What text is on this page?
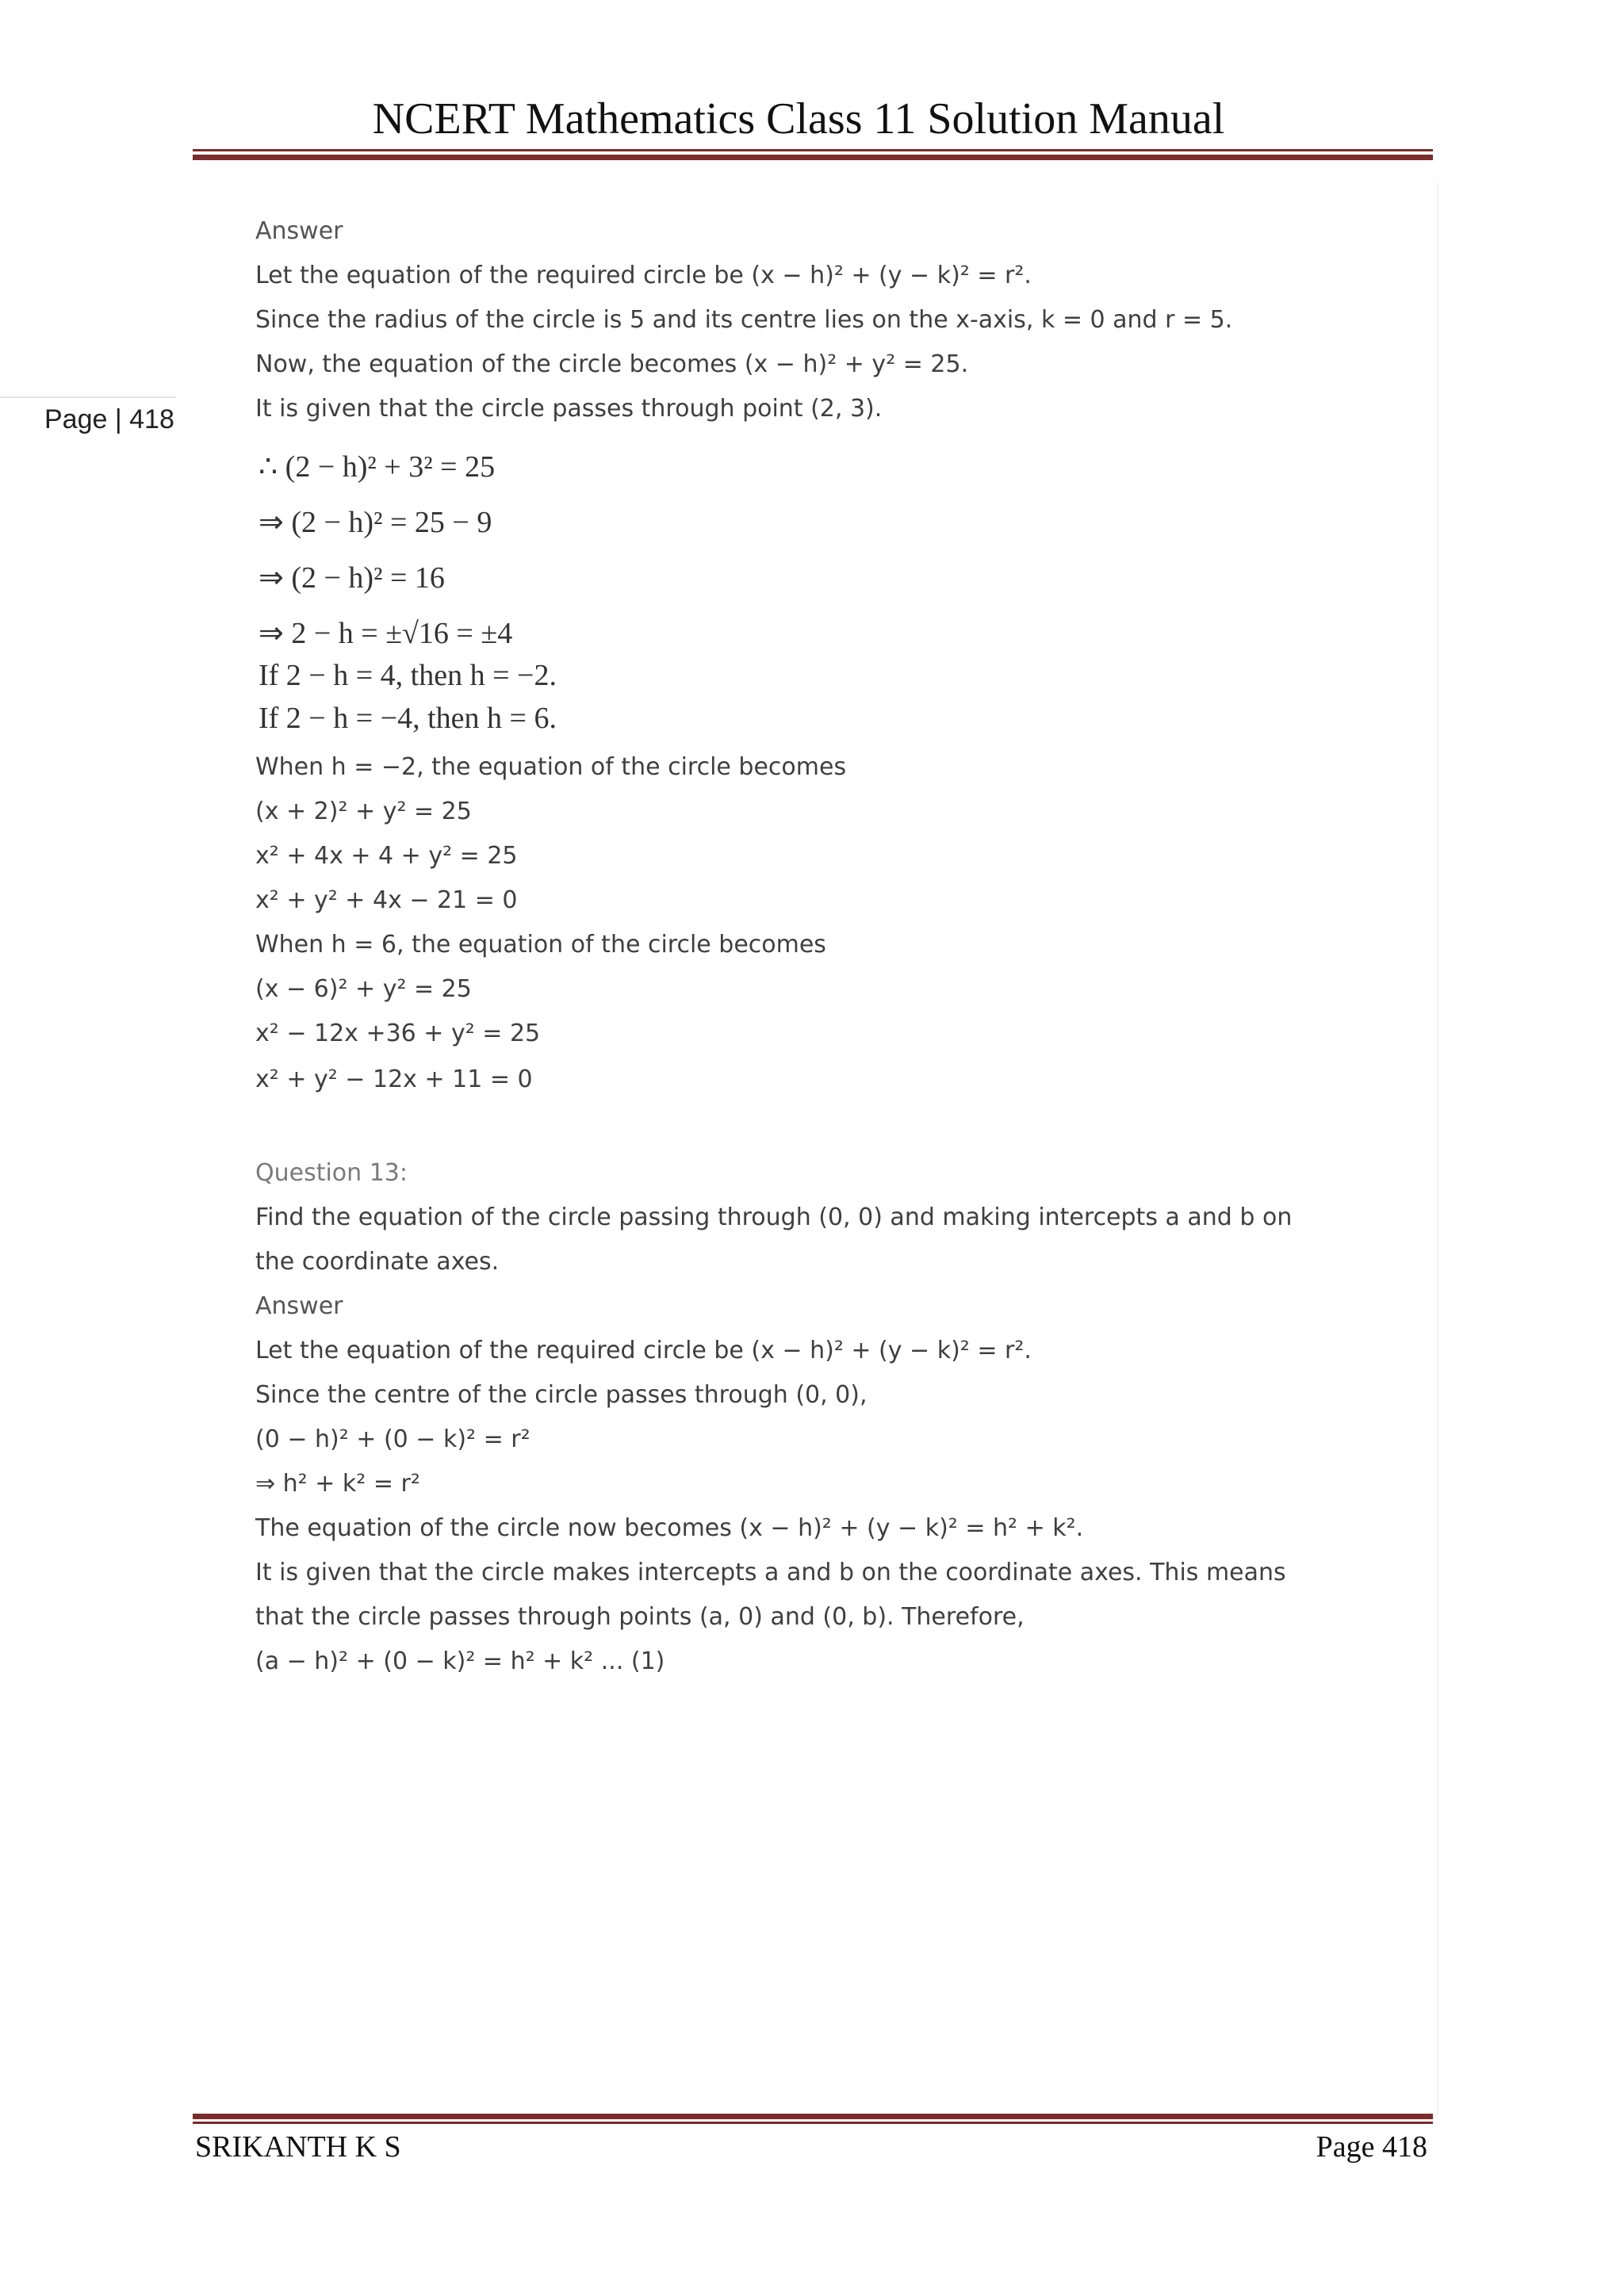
NCERT Mathematics Class 11 Solution Manual
Page | 418
Answer
Let the equation of the required circle be (x − h)² + (y − k)² = r².
Since the radius of the circle is 5 and its centre lies on the x-axis, k = 0 and r = 5.
Now, the equation of the circle becomes (x − h)² + y² = 25.
It is given that the circle passes through point (2, 3).
∴ (2 − h)² + 3² = 25
⇒ (2 − h)² = 25 − 9
⇒ (2 − h)² = 16
⇒ 2 − h = ±√16 = ±4
If 2 − h = 4, then h = −2.
If 2 − h = −4, then h = 6.
When h = −2, the equation of the circle becomes
(x + 2)² + y² = 25
x² + 4x + 4 + y² = 25
x² + y² + 4x − 21 = 0
When h = 6, the equation of the circle becomes
(x − 6)² + y² = 25
x² − 12x +36 + y² = 25
x² + y² − 12x + 11 = 0
Question 13:
Find the equation of the circle passing through (0, 0) and making intercepts a and b on
the coordinate axes.
Answer
Let the equation of the required circle be (x − h)² + (y − k)² = r².
Since the centre of the circle passes through (0, 0),
(0 − h)² + (0 − k)² = r²
⇒ h² + k² = r²
The equation of the circle now becomes (x − h)² + (y − k)² = h² + k².
It is given that the circle makes intercepts a and b on the coordinate axes. This means
that the circle passes through points (a, 0) and (0, b). Therefore,
(a − h)² + (0 − k)² = h² + k² ... (1)
SRIKANTH K S	Page 418
